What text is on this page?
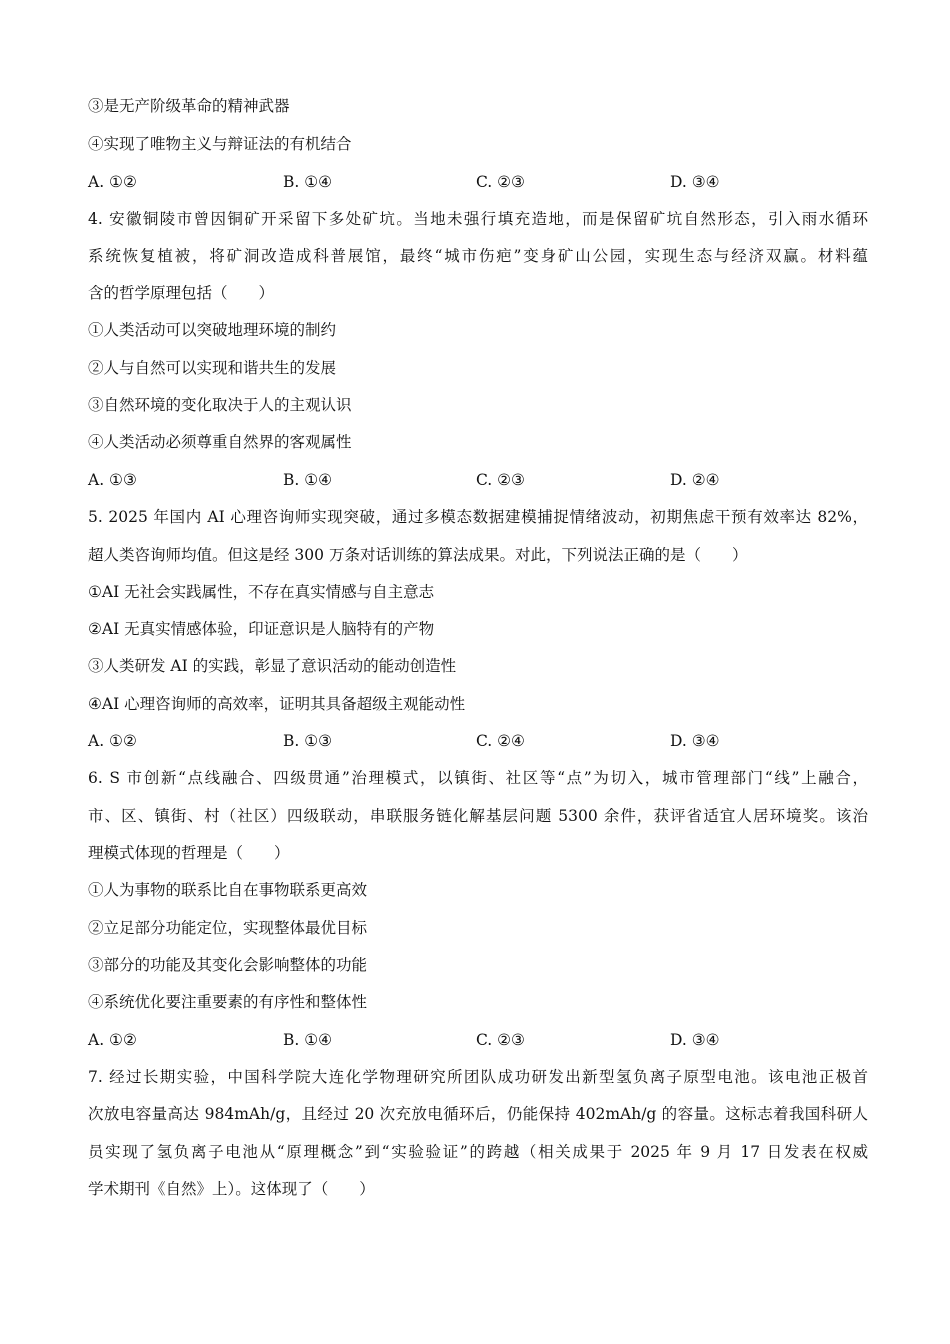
③是无产阶级革命的精神武器
④实现了唯物主义与辩证法的有机结合
A. ①②	B. ①④	C. ②③	D. ③④
4. 安徽铜陵市曾因铜矿开采留下多处矿坑。当地未强行填充造地，而是保留矿坑自然形态，引入雨水循环
系统恢复植被，将矿洞改造成科普展馆，最终“城市伤疤”变身矿山公园，实现生态与经济双赢。材料蕴
含的哲学原理包括（　　）
①人类活动可以突破地理环境的制约
②人与自然可以实现和谐共生的发展
③自然环境的变化取决于人的主观认识
④人类活动必须尊重自然界的客观属性
A. ①③	B. ①④	C. ②③	D. ②④
5. 2025 年国内 AI 心理咨询师实现突破，通过多模态数据建模捕捉情绪波动，初期焦虑干预有效率达 82%，
超人类咨询师均值。但这是经 300 万条对话训练的算法成果。对此，下列说法正确的是（　　）
①AI 无社会实践属性，不存在真实情感与自主意志
②AI 无真实情感体验，印证意识是人脑特有的产物
③人类研发 AI 的实践，彰显了意识活动的能动创造性
④AI 心理咨询师的高效率，证明其具备超级主观能动性
A. ①②	B. ①③	C. ②④	D. ③④
6. S 市创新“点线融合、四级贯通”治理模式，以镇街、社区等“点”为切入，城市管理部门“线”上融合，
市、区、镇街、村（社区）四级联动，串联服务链化解基层问题 5300 余件，获评省适宜人居环境奖。该治
理模式体现的哲理是（　　）
①人为事物的联系比自在事物联系更高效
②立足部分功能定位，实现整体最优目标
③部分的功能及其变化会影响整体的功能
④系统优化要注重要素的有序性和整体性
A. ①②	B. ①④	C. ②③	D. ③④
7. 经过长期实验，中国科学院大连化学物理研究所团队成功研发出新型氢负离子原型电池。该电池正极首
次放电容量高达 984mAh/g，且经过 20 次充放电循环后，仍能保持 402mAh/g 的容量。这标志着我国科研人
员实现了氢负离子电池从“原理概念”到“实验验证”的跨越（相关成果于 2025 年 9 月 17 日发表在权威
学术期刊《自然》上）。这体现了（　　）
